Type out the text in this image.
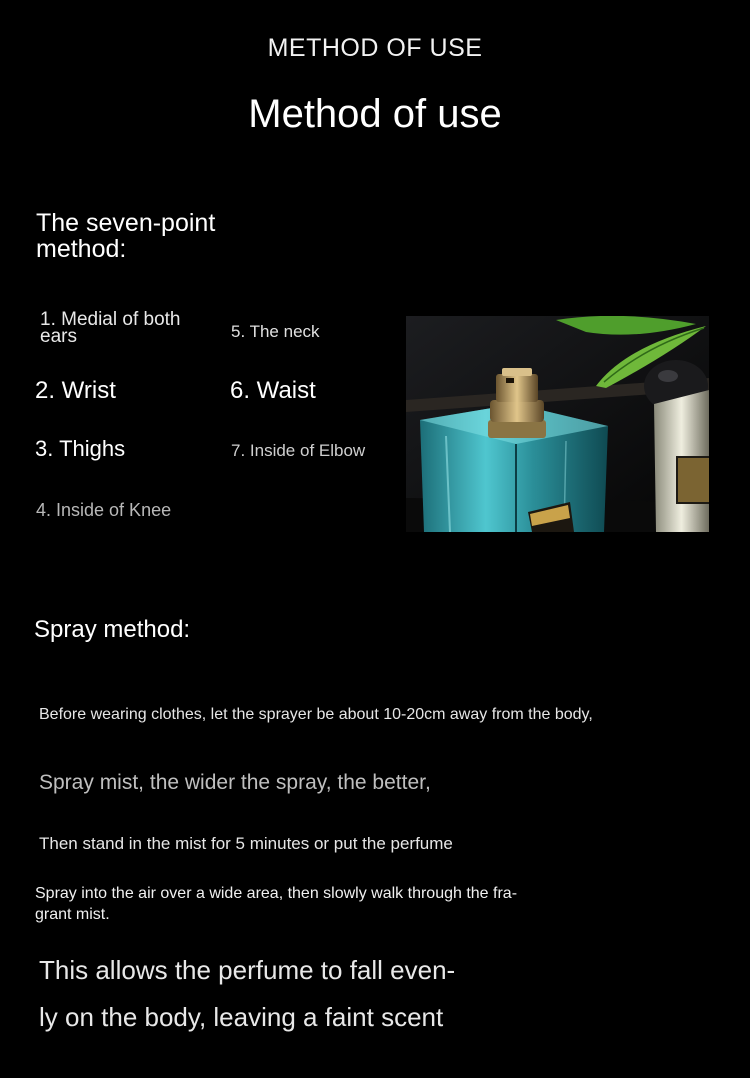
METHOD OF USE
Method of use
The seven-point method:
1. Medial of both ears
2. Wrist
3. Thighs
4. Inside of Knee
5. The neck
6. Waist
7. Inside of Elbow
Spray method:
Before wearing clothes, let the sprayer be about 10-20cm away from the body,
Spray mist, the wider the spray, the better,
Then stand in the mist for 5 minutes or put the perfume
Spray into the air over a wide area, then slowly walk through the fra- grant mist.
This allows the perfume to fall even-
ly on the body, leaving a faint scent
